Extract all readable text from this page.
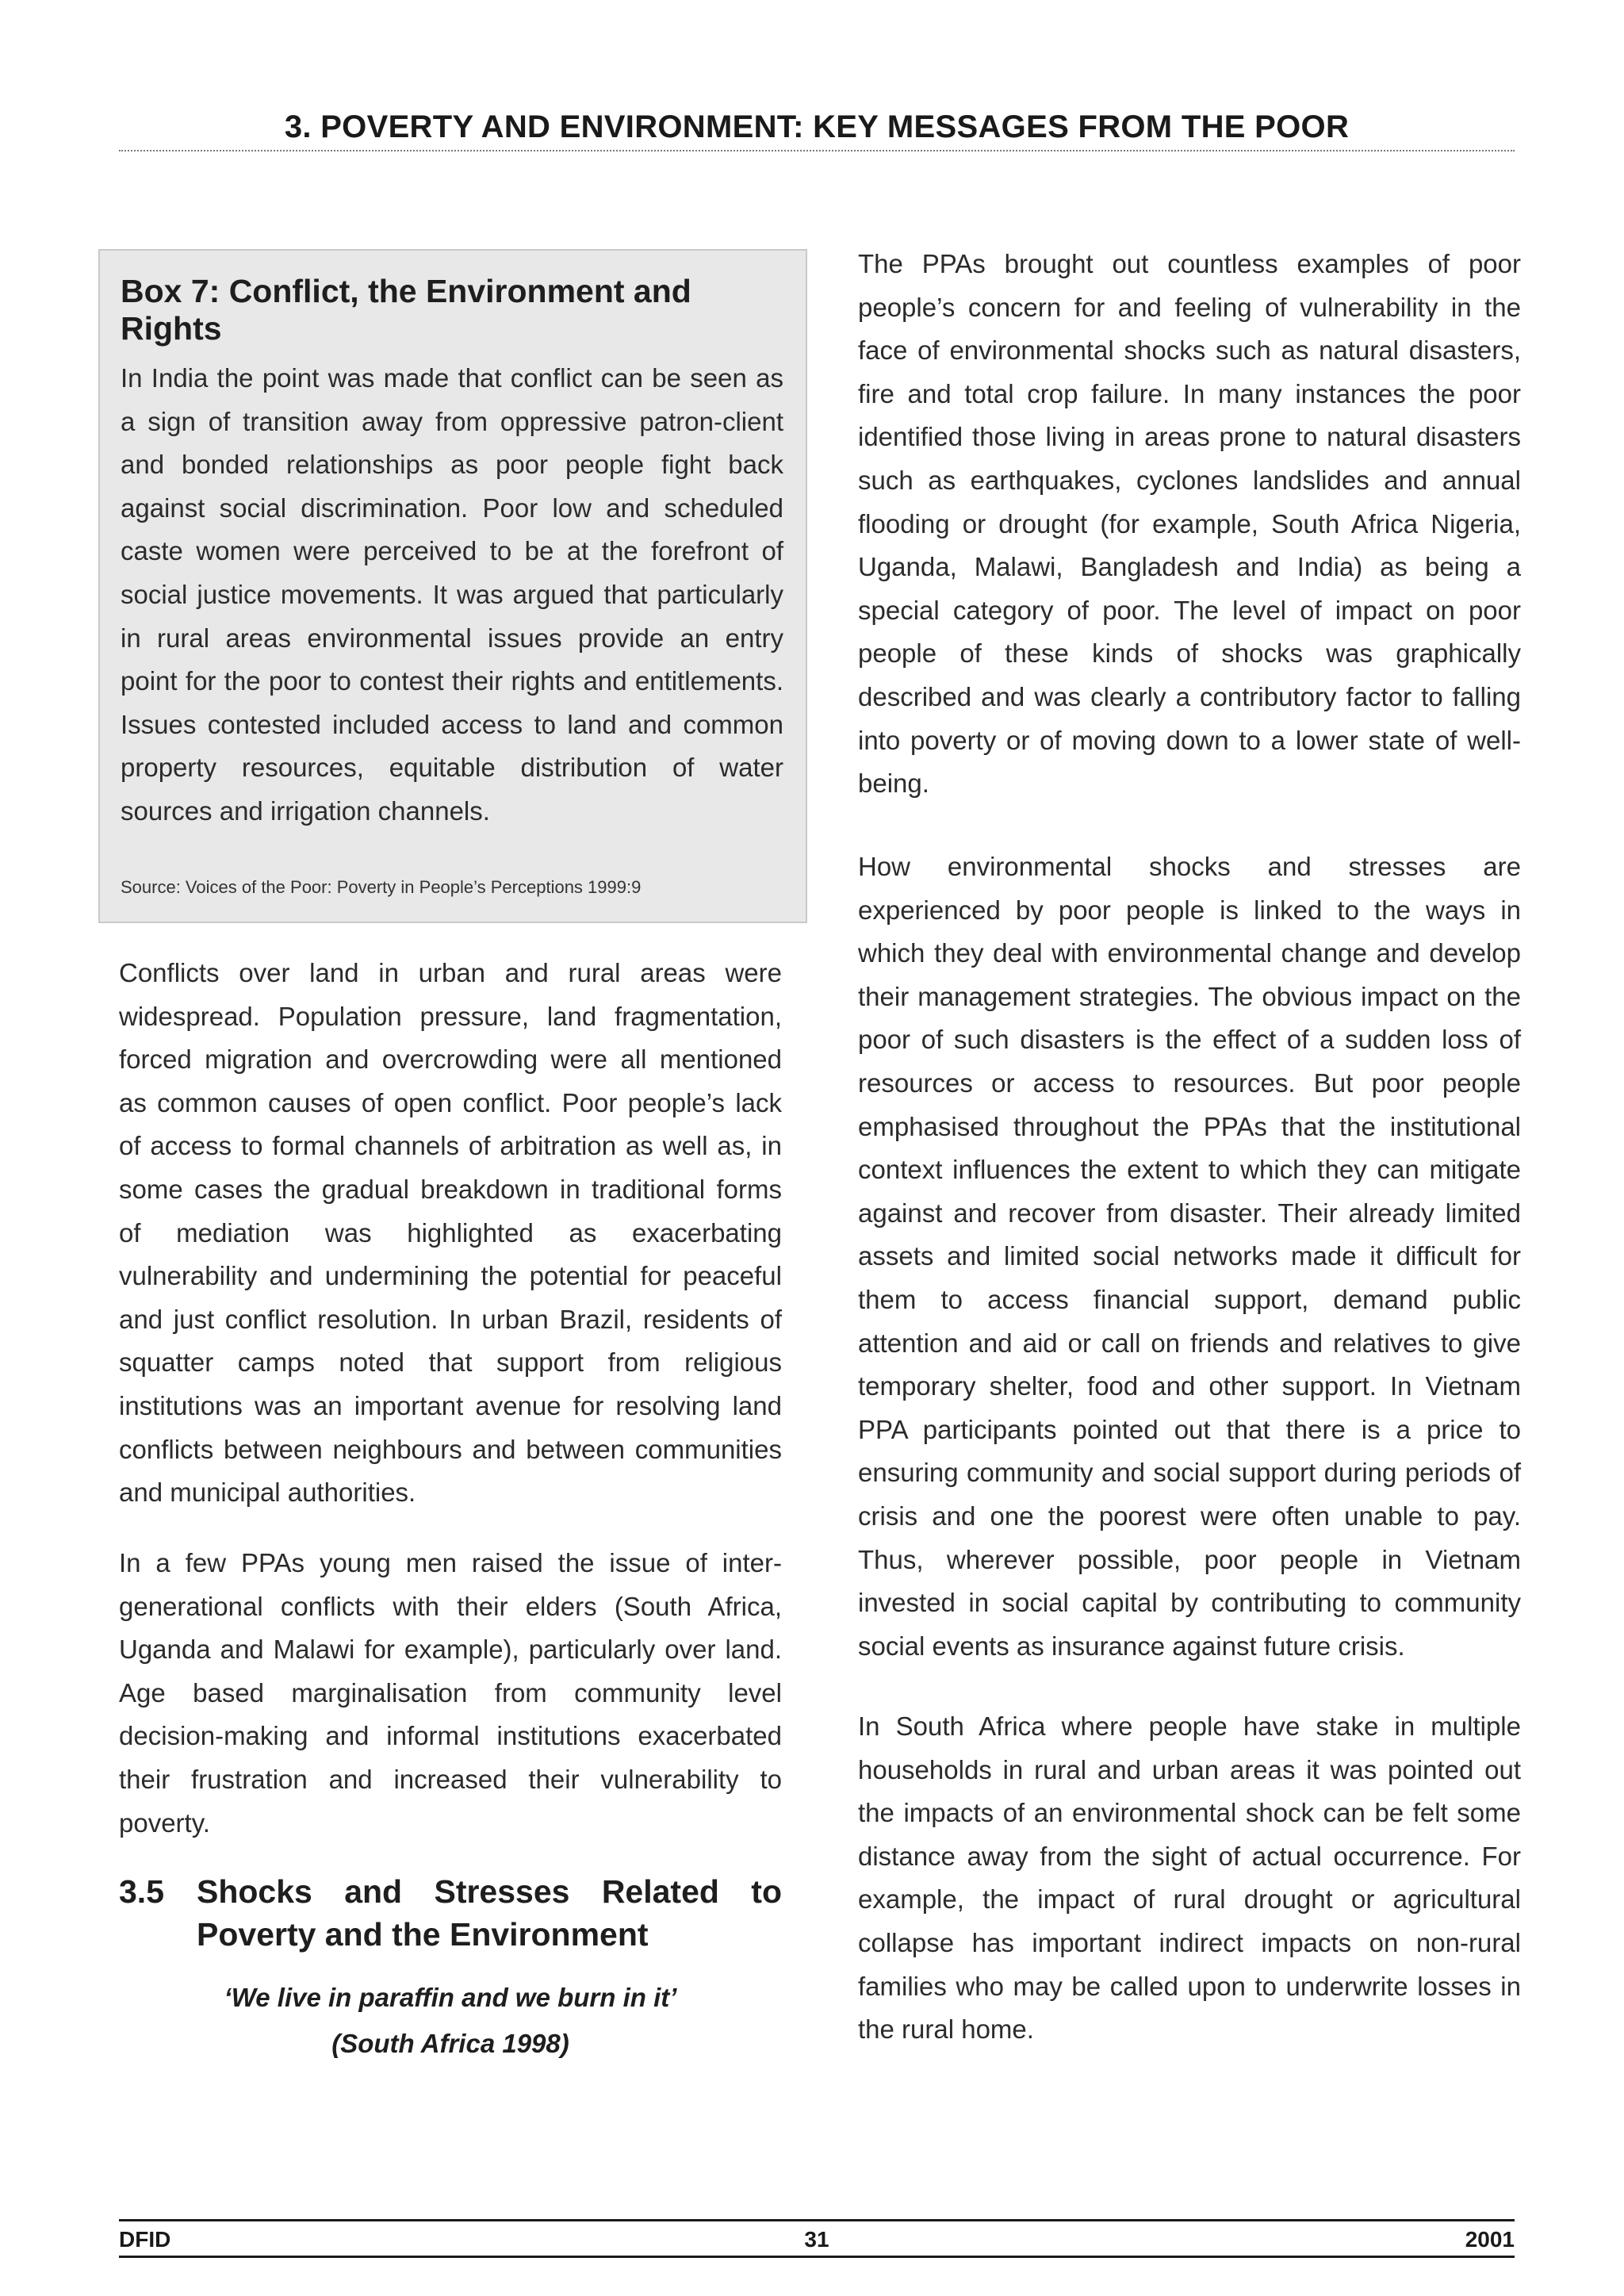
3. POVERTY AND ENVIRONMENT: KEY MESSAGES FROM THE POOR
Box 7: Conflict, the Environment and Rights

In India the point was made that conflict can be seen as a sign of transition away from oppressive patron-client and bonded relationships as poor people fight back against social discrimination. Poor low and scheduled caste women were perceived to be at the forefront of social justice movements. It was argued that particularly in rural areas environmental issues provide an entry point for the poor to contest their rights and entitlements. Issues contested included access to land and common property resources, equitable distribution of water sources and irrigation channels.

Source: Voices of the Poor: Poverty in People’s Perceptions 1999:9

Conflicts over land in urban and rural areas were widespread. Population pressure, land fragmentation, forced migration and overcrowding were all mentioned as common causes of open conflict. Poor people’s lack of access to formal channels of arbitration as well as, in some cases the gradual breakdown in traditional forms of mediation was highlighted as exacerbating vulnerability and undermining the potential for peaceful and just conflict resolution. In urban Brazil, residents of squatter camps noted that support from religious institutions was an important avenue for resolving land conflicts between neighbours and between communities and municipal authorities.

In a few PPAs young men raised the issue of inter-generational conflicts with their elders (South Africa, Uganda and Malawi for example), particularly over land. Age based marginalisation from community level decision-making and informal institutions exacerbated their frustration and increased their vulnerability to poverty.

3.5 Shocks and Stresses Related to Poverty and the Environment
‘We live in paraffin and we burn in it’
(South Africa 1998)

The PPAs brought out countless examples of poor people’s concern for and feeling of vulnerability in the face of environmental shocks such as natural disasters, fire and total crop failure. In many instances the poor identified those living in areas prone to natural disasters such as earthquakes, cyclones landslides and annual flooding or drought (for example, South Africa Nigeria, Uganda, Malawi, Bangladesh and India) as being a special category of poor. The level of impact on poor people of these kinds of shocks was graphically described and was clearly a contributory factor to falling into poverty or of moving down to a lower state of well-being.

How environmental shocks and stresses are experienced by poor people is linked to the ways in which they deal with environmental change and develop their management strategies. The obvious impact on the poor of such disasters is the effect of a sudden loss of resources or access to resources. But poor people emphasised throughout the PPAs that the institutional context influences the extent to which they can mitigate against and recover from disaster. Their already limited assets and limited social networks made it difficult for them to access financial support, demand public attention and aid or call on friends and relatives to give temporary shelter, food and other support. In Vietnam PPA participants pointed out that there is a price to ensuring community and social support during periods of crisis and one the poorest were often unable to pay. Thus, wherever possible, poor people in Vietnam invested in social capital by contributing to community social events as insurance against future crisis.

In South Africa where people have stake in multiple households in rural and urban areas it was pointed out the impacts of an environmental shock can be felt some distance away from the sight of actual occurrence. For example, the impact of rural drought or agricultural collapse has important indirect impacts on non-rural families who may be called upon to underwrite losses in the rural home.

DFID	31	2001
